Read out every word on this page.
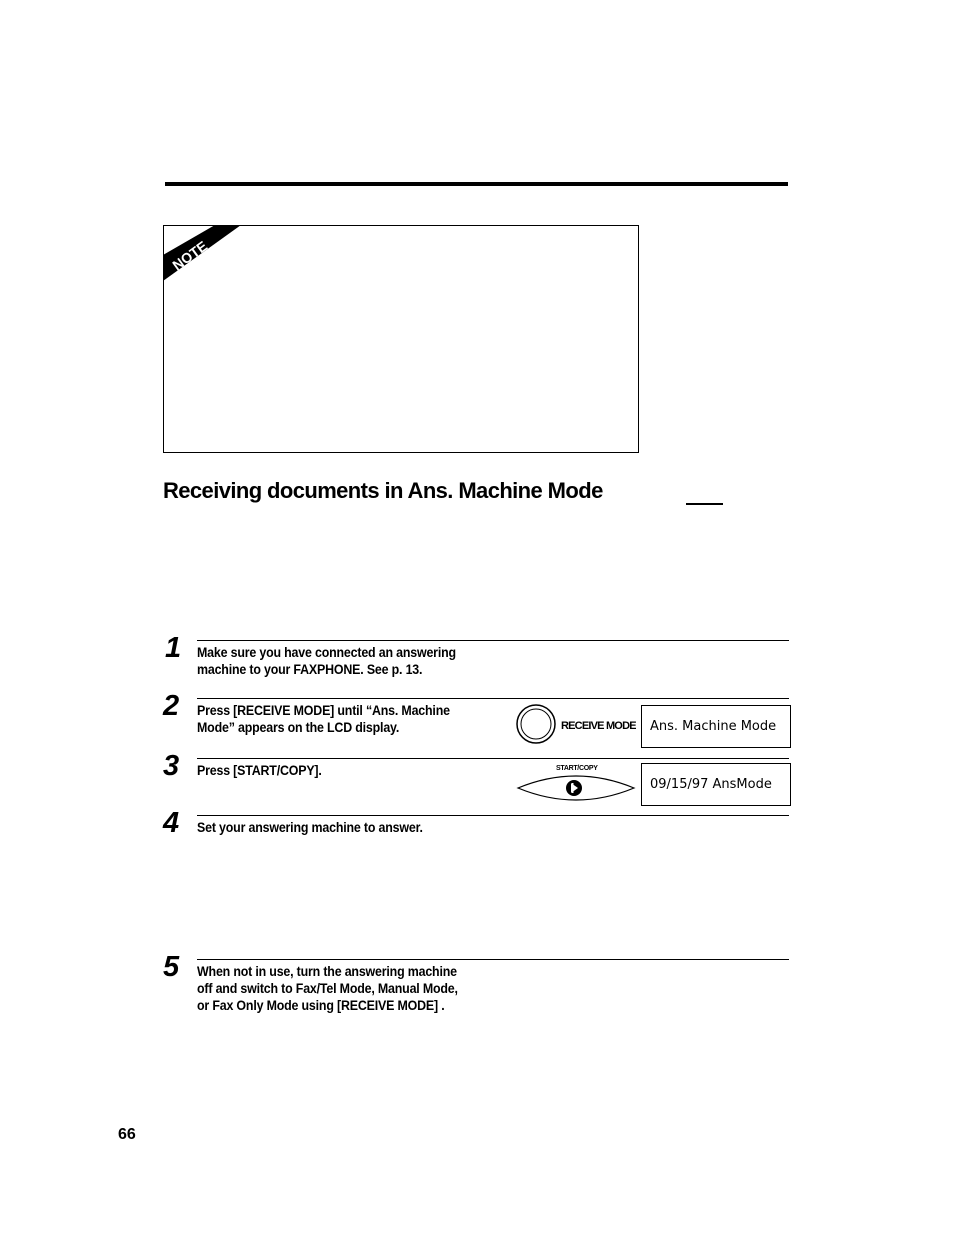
NOTE
Receiving documents in Ans. Machine Mode
1 Make sure you have connected an answering
machine to your FAXPHONE. See p. 13.
2 Press [RECEIVE MODE] until “Ans. Machine
Mode” appears on the LCD display.	RECEIVE MODE	Ans. Machine Mode
3 Press [START/COPY].	START/COPY
09/15/97 AnsMode
4 Set your answering machine to answer.
5 When not in use, turn the answering machine
off and switch to Fax/Tel Mode, Manual Mode,
or Fax Only Mode using [RECEIVE MODE] .
66
